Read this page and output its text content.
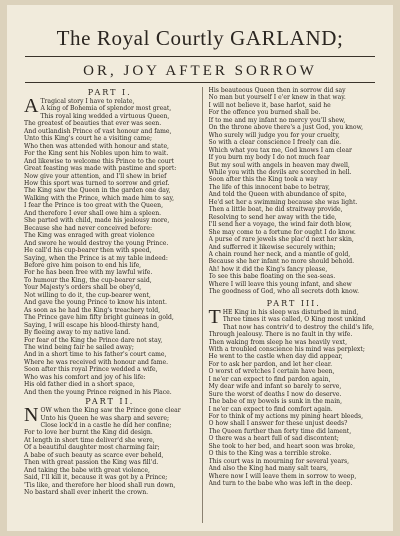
The Royal Courtly GARLAND;
OR, JOY AFTER SORROW
PART I.
A Tragical story I have to relate,
A king of Bohemia of splendor most great,
This royal king wedded a virtuous Queen,
The greatest of beauties that ever was seen.
And outlandish Prince of vast honour and fame,
Unto this King's court he a visiting came;
Who then was attended with honour and state,
For the King sent his Nobles upon him to wait.
And likewise to welcome this Prince to the court
Great feasting was made with pastime and sport:
Now give your attention, and I'll shew in brief
How this sport was turned to sorrow and grief.
The King saw the Queen in the garden one day,
Walking with the Prince, which made him to say,
I fear the Prince is too great with the Queen,
And therefore I ever shall owe him a spleen.
She parted with child, made his jealousy more,
Because she had never conceived before:
The King was enraged with great violence
And swore he would destroy the young Prince.
He call'd his cup-bearer then with speed,
Saying, when the Prince is at my table indeed:
Before give him poison to end his life,
For he has been free with my lawful wife.
To humour the King, the cup-bearer said,
Your Majesty's orders shall be obey'd,
Not willing to do it, the cup-bearer went,
And gave the young Prince to know his intent.
As soon as he had the King's treachery told,
The Prince gave him fifty bright guineas in gold,
Saying, I will escape his blood-thirsty hand,
By fleeing away to my native land.
For fear of the King the Prince dare not stay,
The wind being fair he sailed away;
And in a short time to his father's court came,
Where he was received with honour and fame.
Soon after this royal Prince wedded a wife,
Who was his comfort and joy of his life:
His old father died in a short space,
And then the young Prince reigned in his Place.
PART II.
N OW when the King saw the Prince gone clear
Unto his Queen he was sharp and severe;
Close lock'd in a castle he did her confine;
For to love her burnt the King did design.
At length in short time deliver'd she were,
Of a beautiful daughter most charming fair;
A babe of such beauty as scarce ever beheld,
Then with great passion the King was fill'd.
And taking the babe with great violence,
Said, I'll kill it, because it was got by a Prince;
'Tis like, and therefore her blood shall run down,
No bastard shall ever inherit the crown.
His beauteous Queen then in sorrow did say
No man but yourself I e'er knew in that way.
I will not believe it, base harlot, said he
For the offence you burned shall be.
If to me and my infant no mercy you'll shew,
On the throne above there's a just God, you know,
Who surely will judge you for your cruelty,
So with a clear conscience I freely can die.
Which what you tax me, God knows I am clear
If you burn my body I do not much fear
But my soul with angels in heaven may dwell,
While you with the devils are scorched in hell.
Soon after this the King took a way
The life of this innocent babe to betray,
And told the Queen with abundance of spite,
He'd set her a swimming because she was light.
Then a little boat, he did straitway provide,
Resolving to send her away with the tide,
I'll send her a voyage, the wind fair doth blow,
She may come to a fortune for ought I do know.
A purse of rare jewels she plac'd next her skin,
And sufferred it likewise securely within;
A chain round her neck, and a mantle of gold,
Because she her infant no more should behold.
Ah! how it did the King's fancy please,
To see this babe floating on the sea-seas.
Where I will leave this young infant, and shew
The goodness of God, who all secrets doth know.
PART III.
T HE King in his sleep was disturbed in mind,
Three times it was called, O King most unkind
That now has contriv'd to destroy the child's life,
Through jealousy. There is no fault in thy wife.
Then waking from sleep he was heavily vext,
With a troubled conscience his mind was perplext;
He went to the castle when day did appear,
For to ask her pardon, and let her clear.
O worst of wretches I certain have been,
I ne'er can expect to find pardon again,
My dear wife and infant so barely to serve,
Sure the worst of deaths I now do deserve.
The babe of my bowels is sunk in the main,
I ne'er can expect to find comfort again.
For to think of my actions my pining heart bleeds,
O how shall I answer for these unjust deeds?
The Queen further than forty time did lament,
O there was a heart full of sad discontent;
She took to her bed, and heart soon was broke,
O this to the King was a terrible stroke.
This court was in mourning for several years,
And also the King had many salt tears,
Where now I will leave them in sorrow to weep,
And turn to the babe who was left in the deep.
